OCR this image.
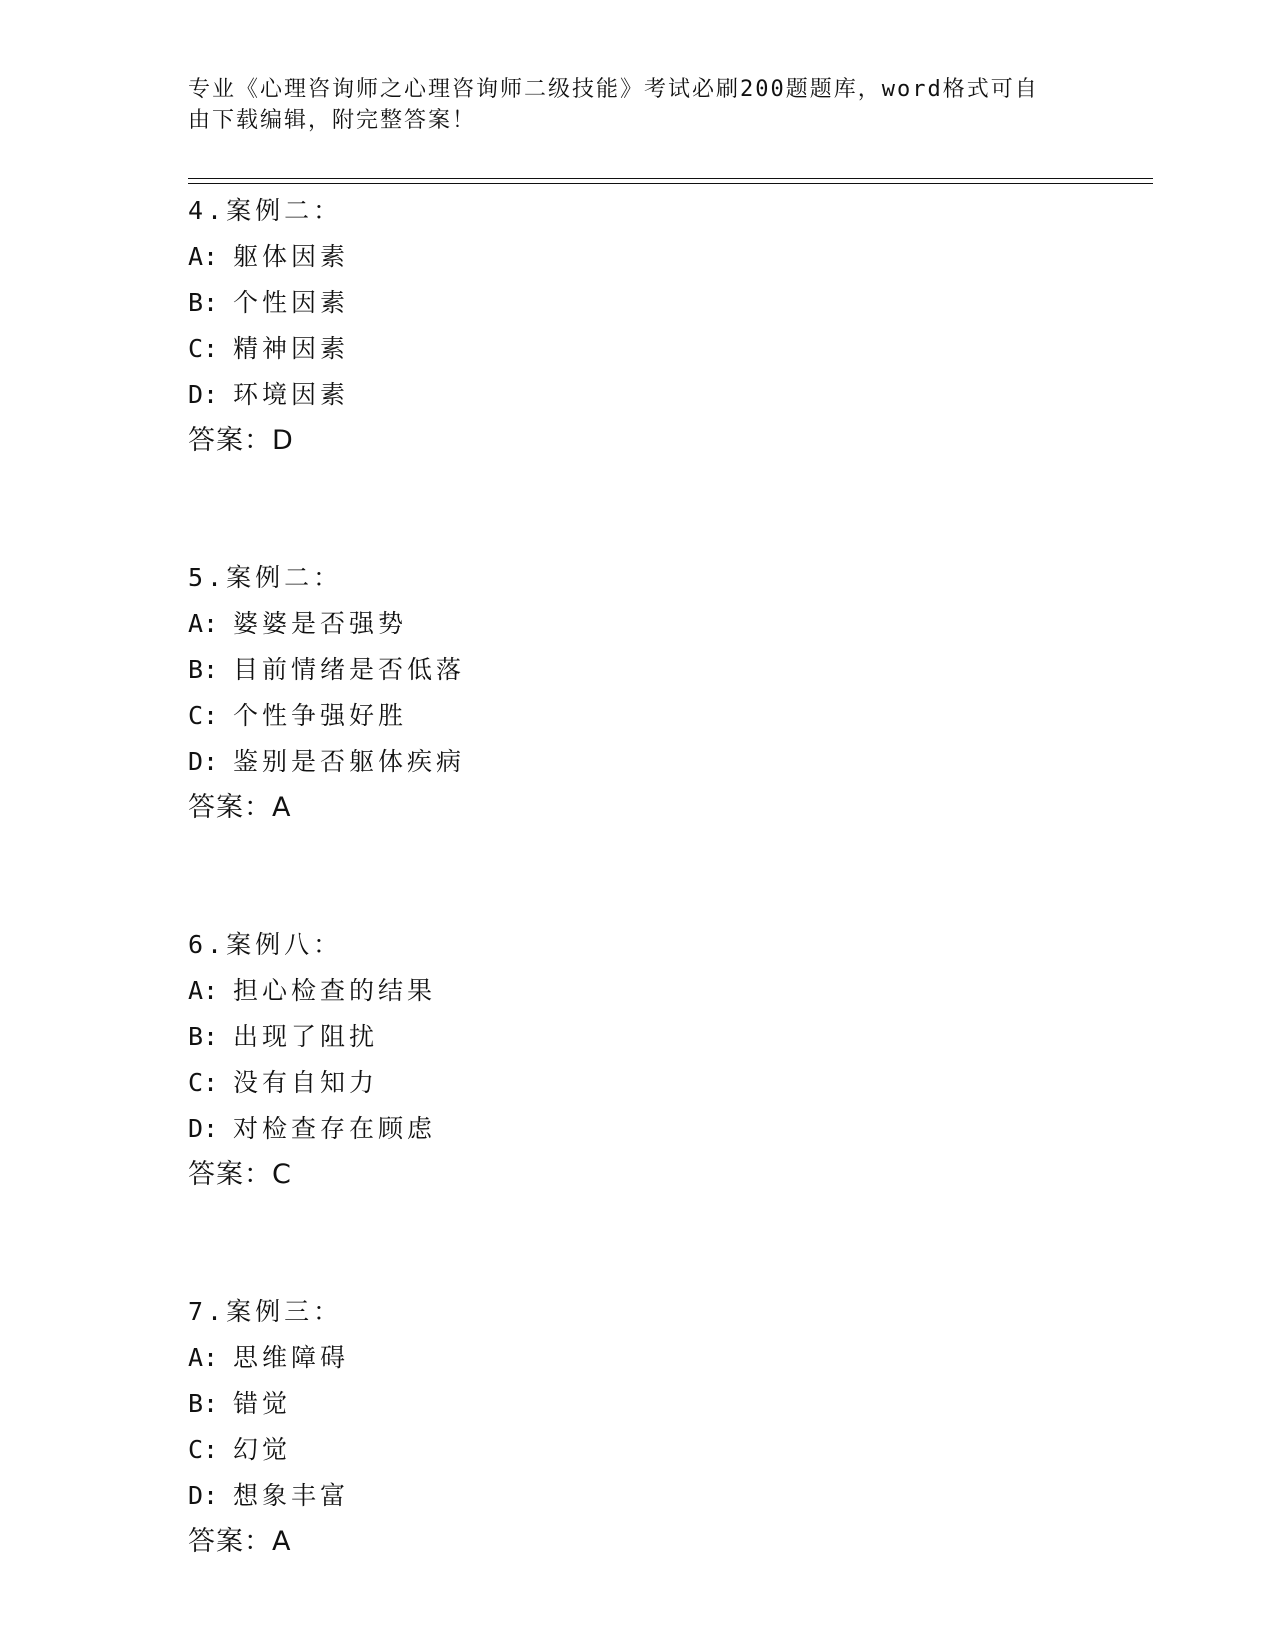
专业《心理咨询师之心理咨询师二级技能》考试必刷200题题库，word格式可自
由下载编辑，附完整答案！
4.案例二：
A: 躯体因素
B: 个性因素
C: 精神因素
D: 环境因素
答案：D
5.案例二：
A: 婆婆是否强势
B: 目前情绪是否低落
C: 个性争强好胜
D: 鉴别是否躯体疾病
答案：A
6.案例八：
A: 担心检查的结果
B: 出现了阻扰
C: 没有自知力
D: 对检查存在顾虑
答案：C
7.案例三：
A: 思维障碍
B: 错觉
C: 幻觉
D: 想象丰富
答案：A
